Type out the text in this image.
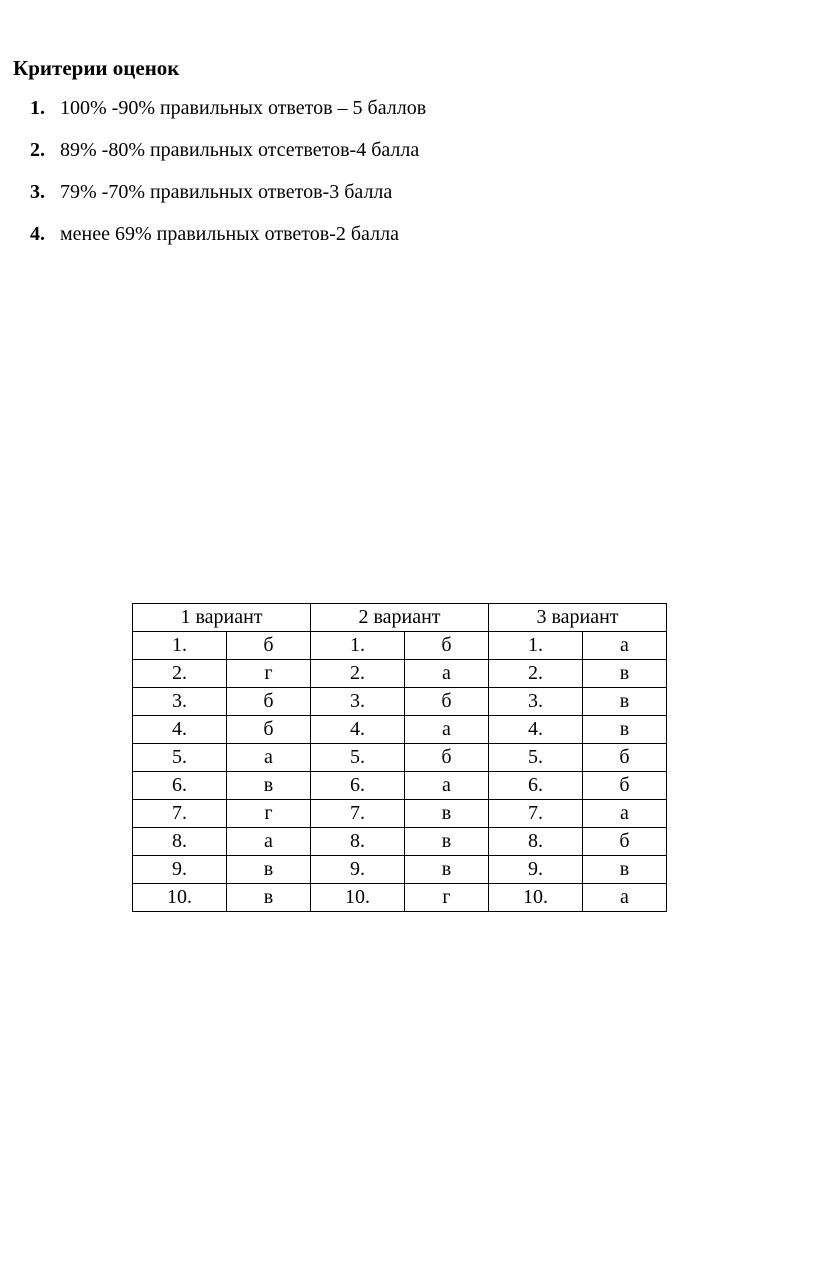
Критерии оценок
1. 100% -90% правильных ответов – 5 баллов
2. 89% -80% правильных отсетветов-4 балла
3. 79% -70% правильных ответов-3 балла
4. менее 69% правильных ответов-2 балла
1 вариант		2 вариант		3 вариант	
1.	б	1.	б	1.	а
2.	г	2.	а	2.	в
3.	б	3.	б	3.	в
4.	б	4.	а	4.	в
5.	а	5.	б	5.	б
6.	в	6.	а	6.	б
7.	г	7.	в	7.	а
8.	а	8.	в	8.	б
9.	в	9.	в	9.	в
10.	в	10.	г	10.	а
